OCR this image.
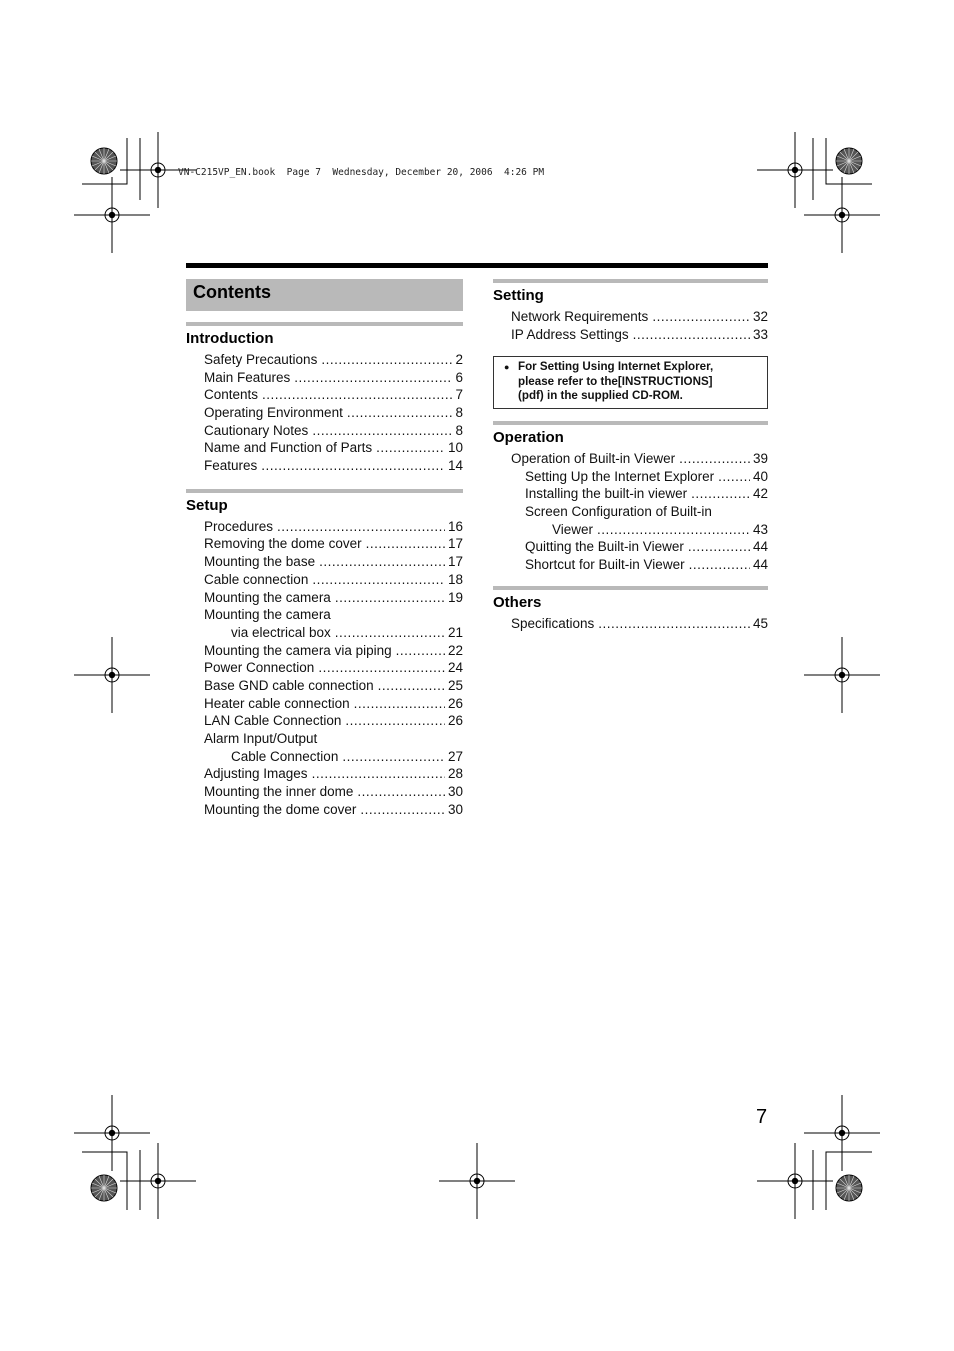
VN-C215VP_EN.book  Page 7  Wednesday, December 20, 2006  4:26 PM
Contents
Introduction
Safety Precautions .....	2
Main Features .....	6
Contents .....	7
Operating Environment .....	8
Cautionary Notes .....	8
Name and Function of Parts .....	10
Features .....	14
Setup
Procedures .....	16
Removing the dome cover .....	17
Mounting the base .....	17
Cable connection .....	18
Mounting the camera .....	19
Mounting the camera
via electrical box .....	21
Mounting the camera via piping .....	22
Power Connection .....	24
Base GND cable connection .....	25
Heater cable connection .....	26
LAN Cable Connection .....	26
Alarm Input/Output
Cable Connection .....	27
Adjusting Images .....	28
Mounting the inner dome .....	30
Mounting the dome cover .....	30
Setting
Network Requirements .....	32
IP Address Settings .....	33
● For Setting Using Internet Explorer,
please refer to the[INSTRUCTIONS]
(pdf) in the supplied CD-ROM.
Operation
Operation of Built-in Viewer .....	39
Setting Up the Internet Explorer .....	40
Installing the built-in viewer .....	42
Screen Configuration of Built-in
Viewer .....	43
Quitting the Built-in Viewer .....	44
Shortcut for Built-in Viewer .....	44
Others
Specifications .....	45
7
